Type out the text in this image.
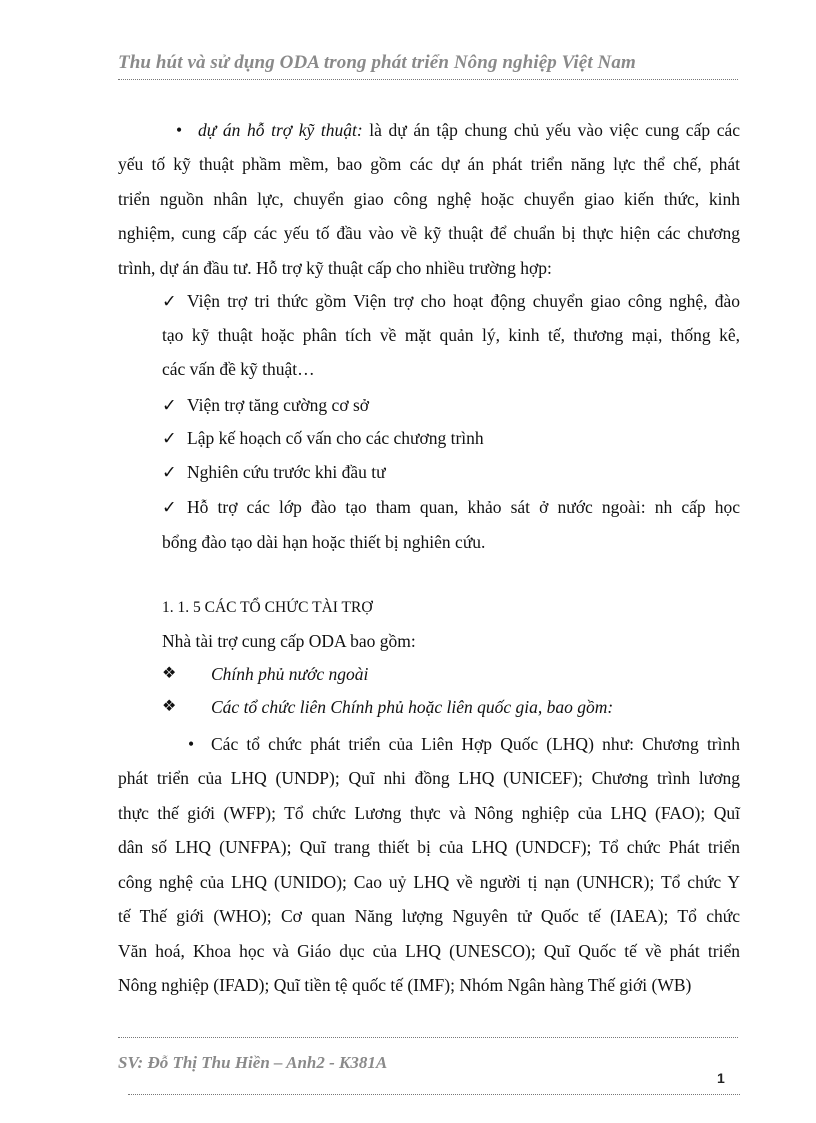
Thu hút và sử dụng ODA trong phát triển Nông nghiệp Việt Nam
• dự án hỗ trợ kỹ thuật: là dự án tập chung chủ yếu vào việc cung cấp các

yếu tố kỹ thuật phầm mềm, bao gồm các dự án phát triển năng lực thể chế, phát

triển nguồn nhân lực, chuyển giao công nghệ hoặc chuyển giao kiến thức, kinh

nghiệm, cung cấp các yếu tố đầu vào về kỹ thuật để chuẩn bị thực hiện các chương

trình, dự án đầu tư. Hỗ trợ kỹ thuật cấp cho nhiều trường hợp:

✓ Viện trợ tri thức gồm Viện trợ cho hoạt động chuyển giao công nghệ, đào
tạo kỹ thuật hoặc phân tích về mặt quản lý, kinh tế, thương mại, thống kê,
các vấn đề kỹ thuật…
✓ Viện trợ tăng cường cơ sở
✓ Lập kế hoạch cố vấn cho các chương trình
✓ Nghiên cứu trước khi đầu tư
✓ Hỗ trợ các lớp đào tạo tham quan, khảo sát ở nước ngoài: nh cấp học
bổng đào tạo dài hạn hoặc thiết bị nghiên cứu.
1. 1. 5 CÁC TỔ CHỨC TÀI TRỢ
Nhà tài trợ cung cấp ODA bao gồm:
❖ Chính phủ nước ngoài
❖ Các tổ chức liên Chính phủ hoặc liên quốc gia, bao gồm:
• Các tổ chức phát triển của Liên Hợp Quốc (LHQ) như: Chương trình

phát triển của LHQ (UNDP); Quĩ nhi đồng LHQ (UNICEF); Chương trình lương

thực thế giới (WFP); Tổ chức Lương thực và Nông nghiệp của LHQ (FAO); Quĩ

dân số LHQ (UNFPA); Quĩ trang thiết bị của LHQ (UNDCF); Tổ chức Phát triển

công nghệ của LHQ (UNIDO); Cao uỷ LHQ về người tị nạn (UNHCR); Tổ chức Y

tế Thế giới (WHO); Cơ quan Năng lượng Nguyên tử Quốc tế (IAEA); Tổ chức

Văn hoá, Khoa học và Giáo dục của LHQ (UNESCO); Quĩ Quốc tế về phát triển

Nông nghiệp (IFAD); Quĩ tiền tệ quốc tế (IMF); Nhóm Ngân hàng Thế giới (WB)

SV: Đỗ Thị Thu Hiền – Anh2 - K381A
1
